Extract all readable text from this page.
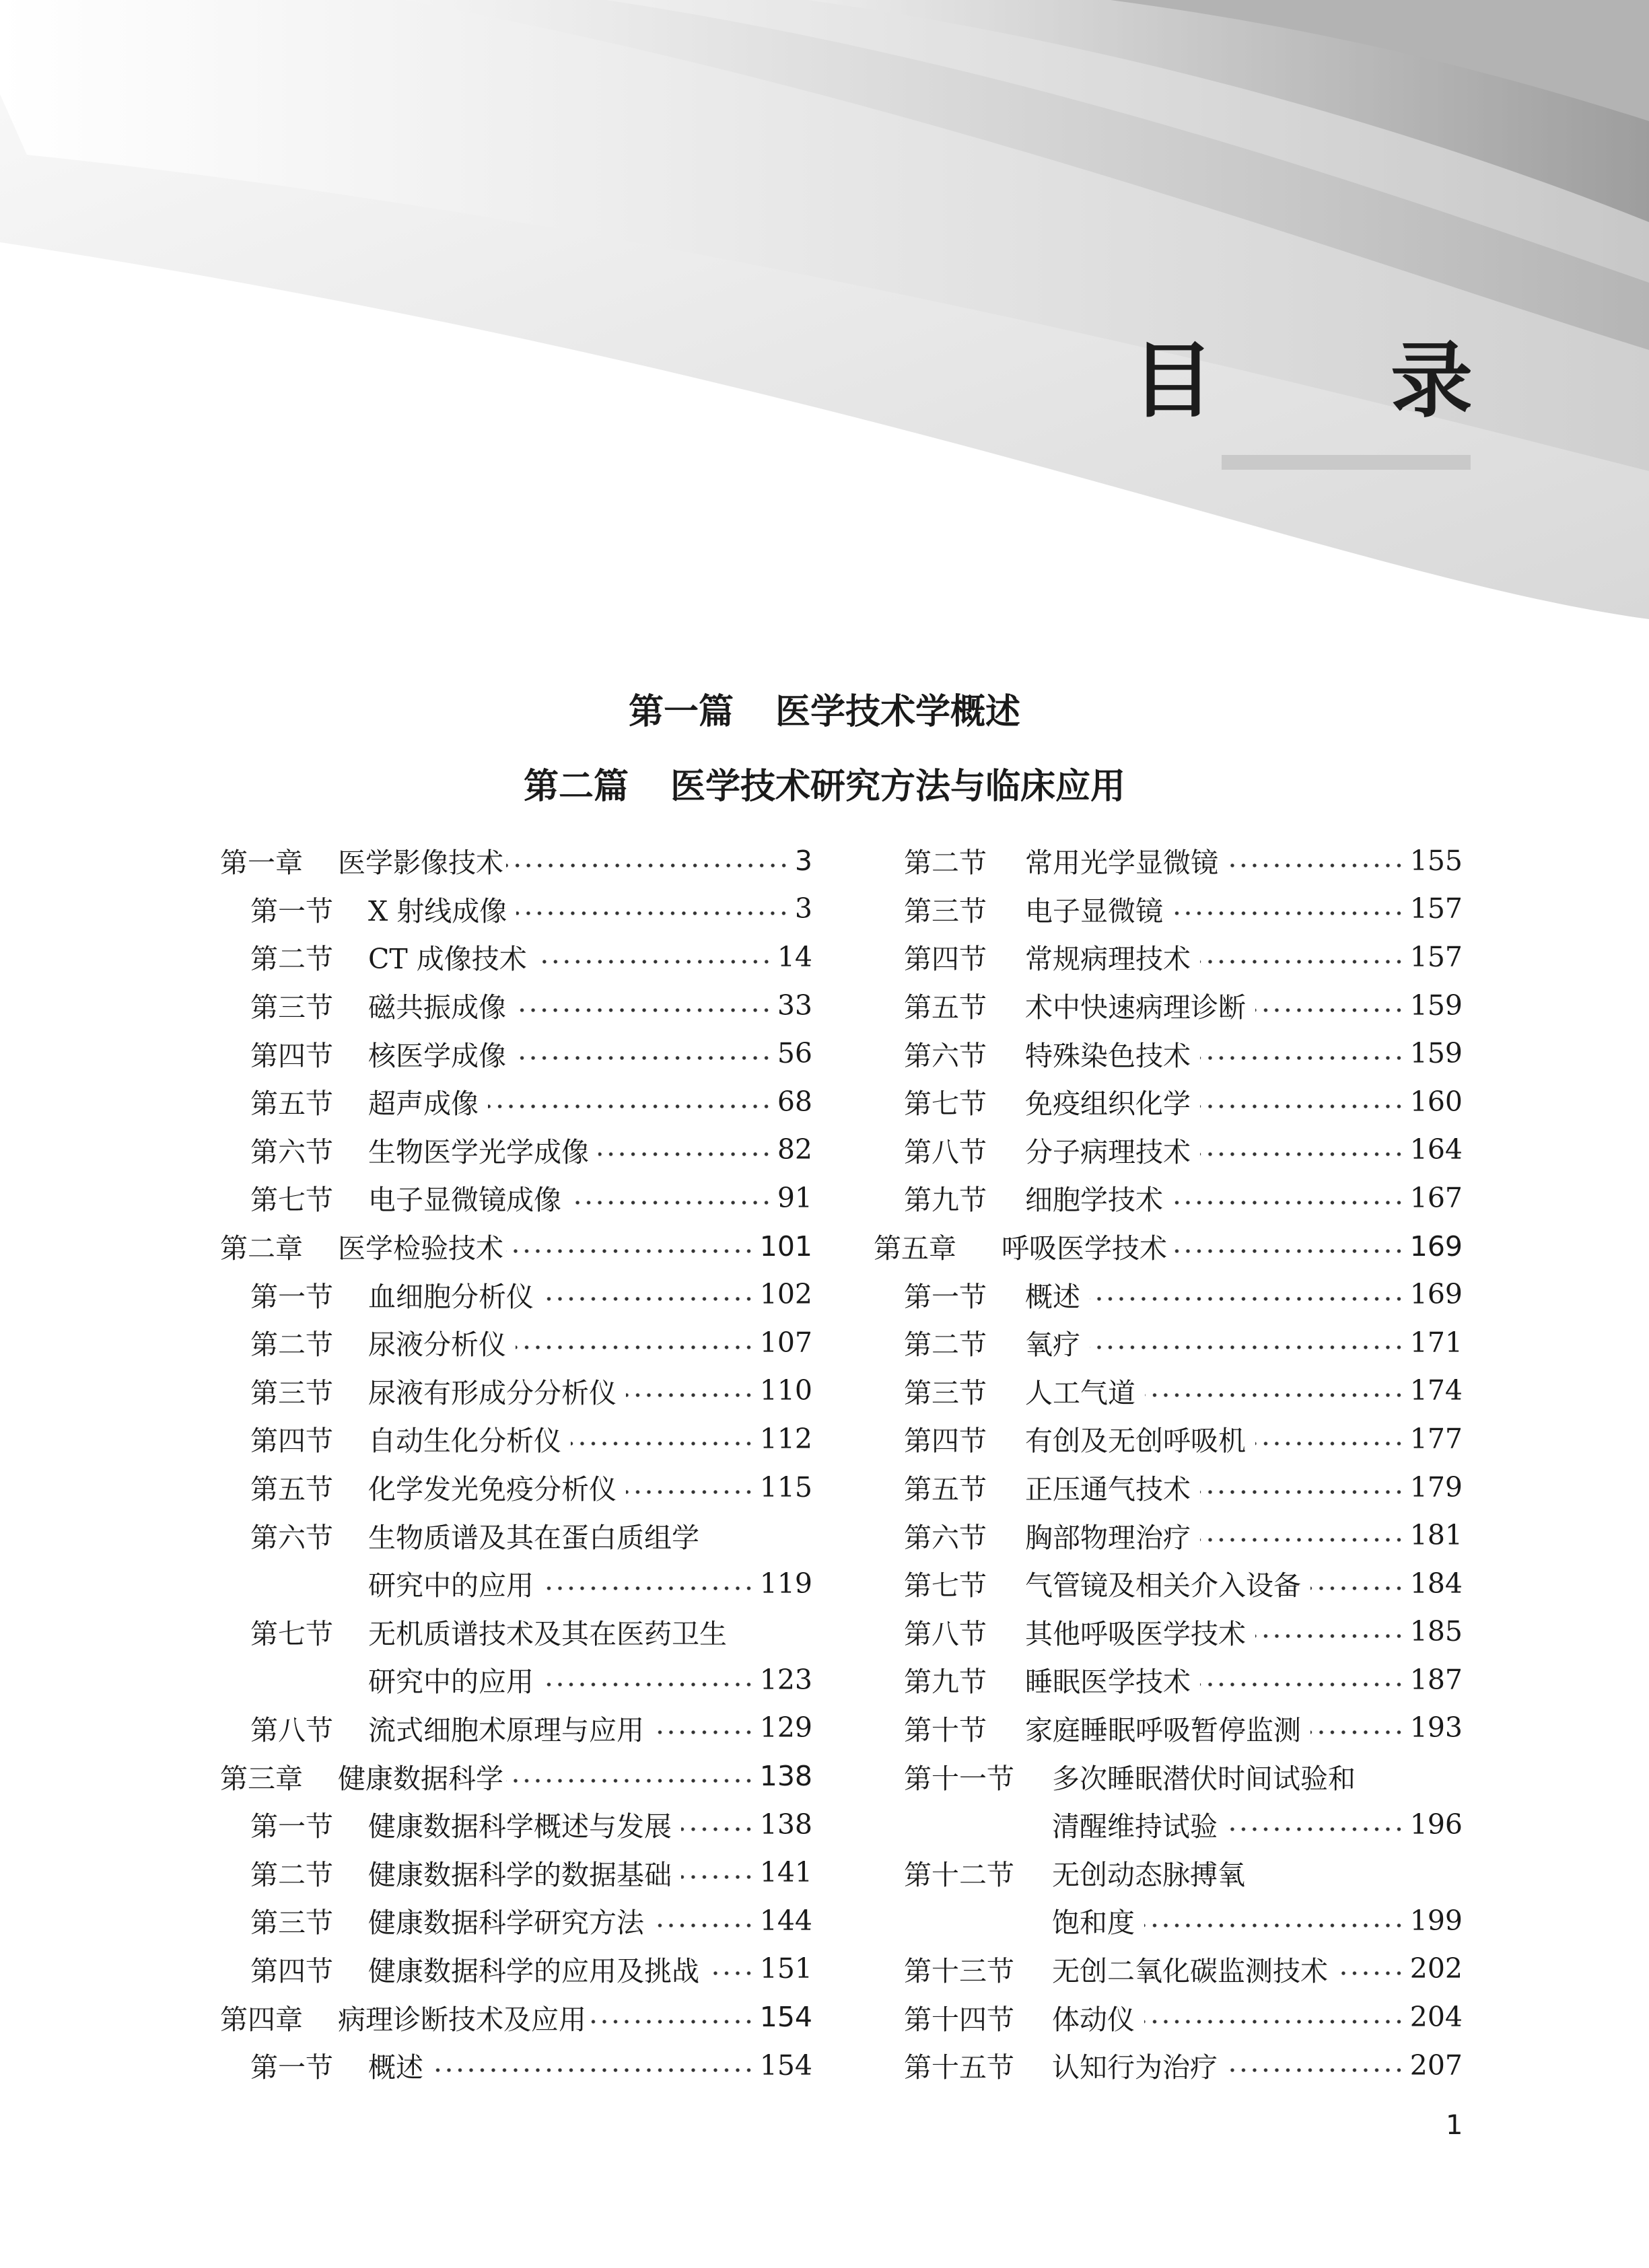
目 录
第一篇 医学技术学概述
第二篇 医学技术研究方法与临床应用
第一章	医学影像技术	3
第一节	X 射线成像	3
第二节	CT 成像技术	14
第三节	磁共振成像	33
第四节	核医学成像	56
第五节	超声成像	68
第六节	生物医学光学成像	82
第七节	电子显微镜成像	91
第二章	医学检验技术	101
第一节	血细胞分析仪	102
第二节	尿液分析仪	107
第三节	尿液有形成分分析仪	110
第四节	自动生化分析仪	112
第五节	化学发光免疫分析仪	115
第六节	生物质谱及其在蛋白质组学
研究中的应用	119
第七节	无机质谱技术及其在医药卫生
研究中的应用	123
第八节	流式细胞术原理与应用	129
第三章	健康数据科学	138
第一节	健康数据科学概述与发展	138
第二节	健康数据科学的数据基础	141
第三节	健康数据科学研究方法	144
第四节	健康数据科学的应用及挑战 151
第四章	病理诊断技术及应用	154
第一节	概述	154
第二节	常用光学显微镜	155
第三节	电子显微镜	157
第四节	常规病理技术	157
第五节	术中快速病理诊断	159
第六节	特殊染色技术	159
第七节	免疫组织化学	160
第八节	分子病理技术	164
第九节	细胞学技术	167
第五章	呼吸医学技术	169
第一节	概述	169
第二节	氧疗	171
第三节	人工气道	174
第四节	有创及无创呼吸机	177
第五节	正压通气技术	179
第六节	胸部物理治疗	181
第七节	气管镜及相关介入设备	184
第八节	其他呼吸医学技术	185
第九节	睡眠医学技术	187
第十节	家庭睡眠呼吸暂停监测	193
第十一节	多次睡眠潜伏时间试验和
清醒维持试验	196
第十二节	无创动态脉搏氧
饱和度	199
第十三节	无创二氧化碳监测技术	202
第十四节	体动仪	204
第十五节	认知行为治疗	207
1
